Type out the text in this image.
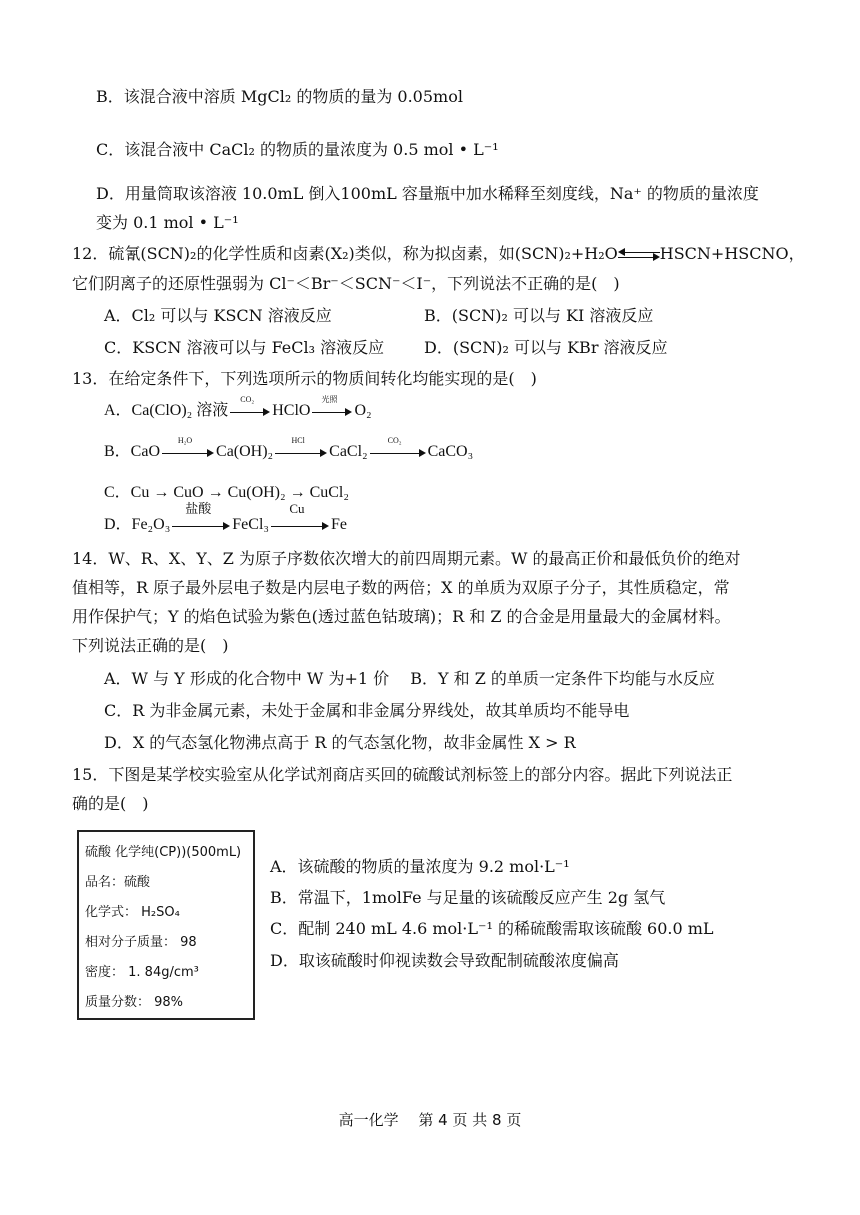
B．该混合液中溶质 MgCl₂ 的物质的量为 0.05mol
C．该混合液中 CaCl₂ 的物质的量浓度为 0.5 mol • L⁻¹
D．用量筒取该溶液 10.0mL 倒入100mL 容量瓶中加水稀释至刻度线，Na⁺ 的物质的量浓度
变为 0.1 mol • L⁻¹
12．硫氰(SCN)₂的化学性质和卤素(X₂)类似，称为拟卤素，如(SCN)₂+H₂O	HSCN+HSCNO，
它们阴离子的还原性强弱为 Cl⁻＜Br⁻＜SCN⁻＜I⁻，下列说法不正确的是(　)
A．Cl₂ 可以与 KSCN 溶液反应	B．(SCN)₂ 可以与 KI 溶液反应
C．KSCN 溶液可以与 FeCl₃ 溶液反应 D．(SCN)₂ 可以与 KBr 溶液反应
13．在给定条件下，下列选项所示的物质间转化均能实现的是(　)
A．Ca(ClO)₂ 溶液
CO₂
HClO
光照
O₂
B．CaO
H₂O
Ca(OH)₂
HCl
CaCl₂
CO₂
CaCO₃
C．Cu → CuO → Cu(OH)₂ → CuCl₂
D．Fe₂O₃
盐酸
FeCl₃
Cu
Fe
14．W、R、X、Y、Z 为原子序数依次增大的前四周期元素。W 的最高正价和最低负价的绝对
值相等，R 原子最外层电子数是内层电子数的两倍；X 的单质为双原子分子，其性质稳定，常
用作保护气；Y 的焰色试验为紫色(透过蓝色钴玻璃)；R 和 Z 的合金是用量最大的金属材料。
下列说法正确的是(　)
A．W 与 Y 形成的化合物中 W 为+1 价　 B．Y 和 Z 的单质一定条件下均能与水反应
C．R 为非金属元素，未处于金属和非金属分界线处，故其单质均不能导电
D．X 的气态氢化物沸点高于 R 的气态氢化物，故非金属性 X > R
15．下图是某学校实验室从化学试剂商店买回的硫酸试剂标签上的部分内容。据此下列说法正
确的是(　)
硫酸 化学纯(CP))(500mL)
品名：硫酸
化学式： H₂SO₄
相对分子质量： 98
密度： 1. 84g/cm³
质量分数： 98%
A．该硫酸的物质的量浓度为 9.2 mol·L⁻¹
B．常温下，1molFe 与足量的该硫酸反应产生 2g 氢气
C．配制 240 mL 4.6 mol·L⁻¹ 的稀硫酸需取该硫酸 60.0 mL
D．取该硫酸时仰视读数会导致配制硫酸浓度偏高
高一化学　 第 4 页 共 8 页
